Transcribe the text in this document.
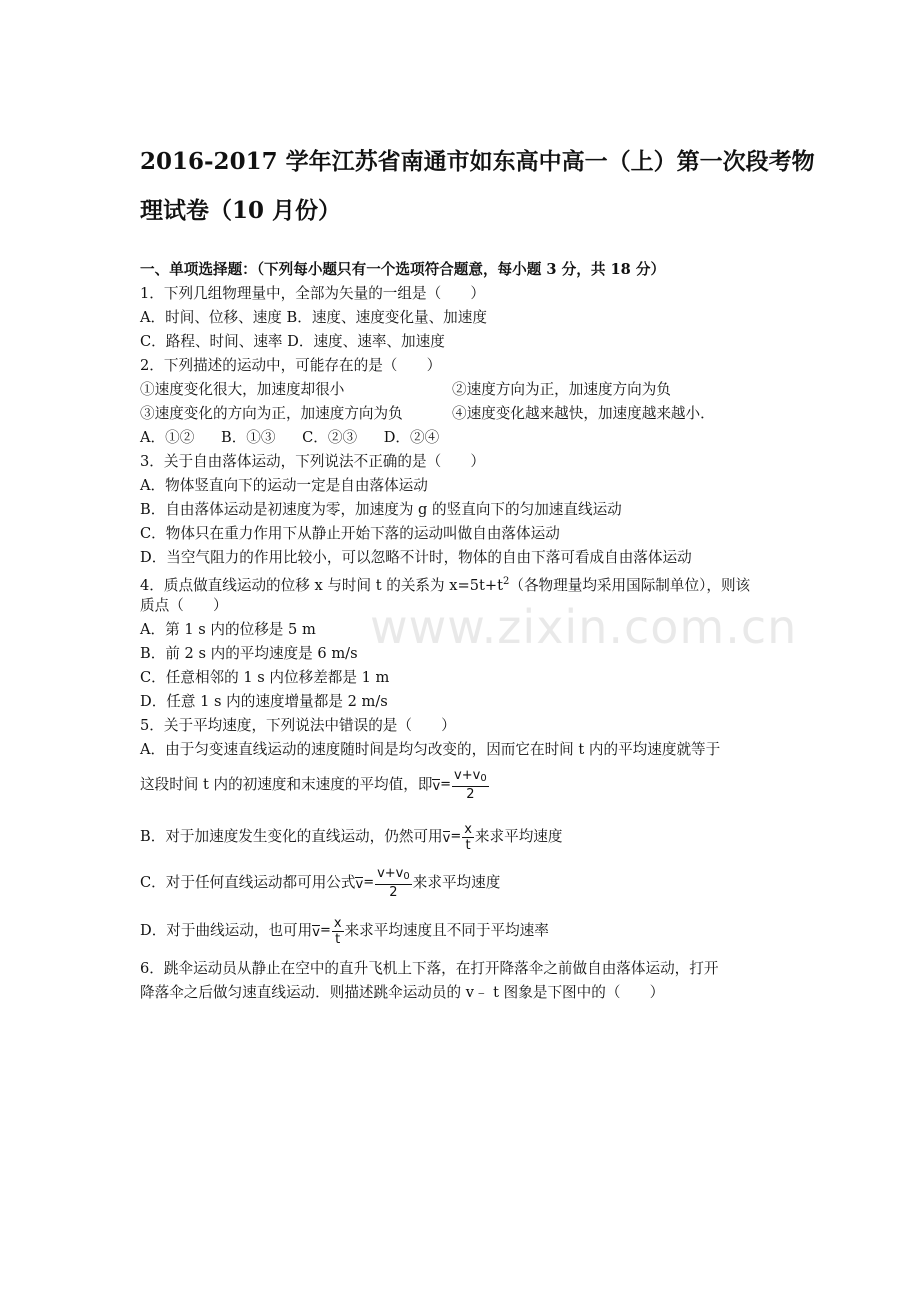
2016-2017 学年江苏省南通市如东高中高一（上）第一次段考物
理试卷（10 月份）
一、单项选择题：（下列每小题只有一个选项符合题意，每小题 3 分，共 18 分）
1．下列几组物理量中，全部为矢量的一组是（　　）
A．时间、位移、速度 B．速度、速度变化量、加速度
C．路程、时间、速率 D．速度、速率、加速度
2．下列描述的运动中，可能存在的是（　　）
①速度变化很大，加速度却很小	②速度方向为正，加速度方向为负
③速度变化的方向为正，加速度方向为负	④速度变化越来越快，加速度越来越小．
A．①② B．①③ C．②③ D．②④
3．关于自由落体运动，下列说法不正确的是（　　）
A．物体竖直向下的运动一定是自由落体运动
B．自由落体运动是初速度为零，加速度为 g 的竖直向下的匀加速直线运动
C．物体只在重力作用下从静止开始下落的运动叫做自由落体运动
D．当空气阻力的作用比较小，可以忽略不计时，物体的自由下落可看成自由落体运动
4．质点做直线运动的位移 x 与时间 t 的关系为 $x=5t+t^2$（各物理量均采用国际制单位），则该
质点（　　）
A．第 1 s 内的位移是 5 m
B．前 2 s 内的平均速度是 6 m/s
C．任意相邻的 1 s 内位移差都是 1 m
D．任意 1 s 内的速度增量都是 2 m/s
5．关于平均速度，下列说法中错误的是（　　）
A．由于匀变速直线运动的速度随时间是均匀改变的，因而它在时间 t 内的平均速度就等于
这段时间 t 内的初速度和末速度的平均值，即$v= \frac{v+v_0}{2}$
B．对于加速度发生变化的直线运动，仍然可用$v= \frac{x}{t}$ 来求平均速度
C．对于任何直线运动都可用公式$v= \frac{v+v_0}{2}$ 来求平均速度
D．对于曲线运动，也可用$v= \frac{x}{t}$ 来求平均速度且不同于平均速率
6．跳伞运动员从静止在空中的直升飞机上下落，在打开降落伞之前做自由落体运动，打开
降落伞之后做匀速直线运动．则描述跳伞运动员的 v﹣ t 图象是下图中的（　　）
www.zixin.com.cn
